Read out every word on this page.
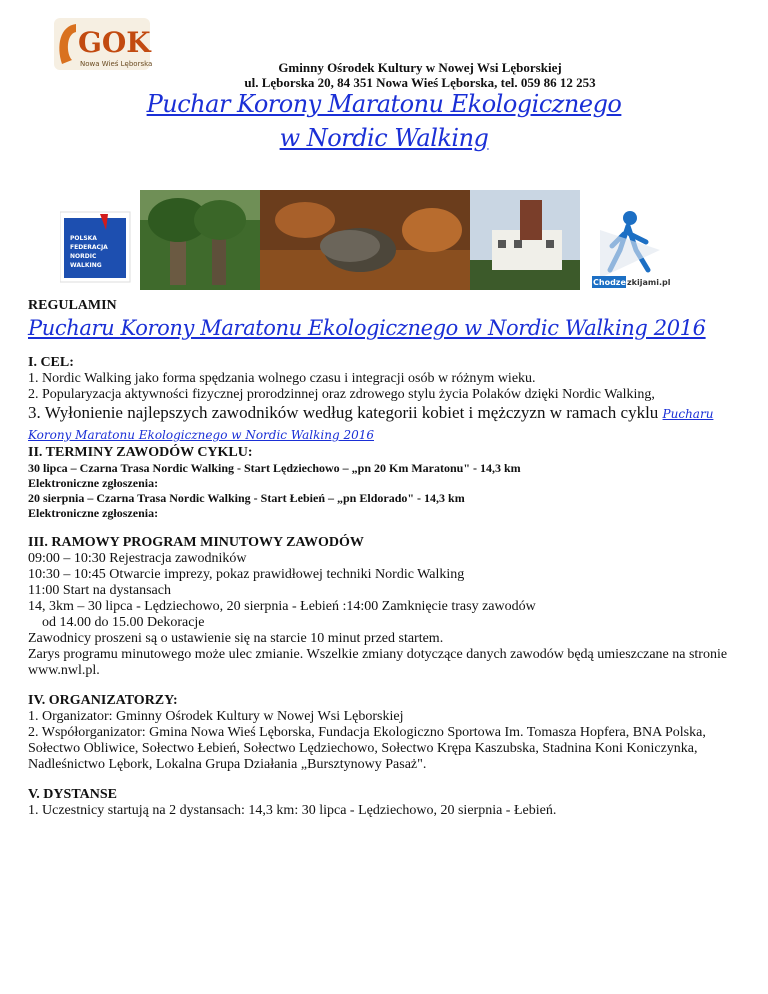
GOK
Nowa Wieś Lęborska	Gminny Ośrodek Kultury w Nowej Wsi Lęborskiej
ul. Lęborska 20, 84 351 Nowa Wieś Lęborska, tel. 059 86 12 253
Puchar Korony Maratonu Ekologicznego
w Nordic Walking
POLSKA
FEDERACJA
NORDIC
WALKING
Chodze zkijami.pl
REGULAMIN
Pucharu Korony Maratonu Ekologicznego w Nordic Walking 2016

I. CEL:

1. Nordic Walking jako forma spędzania wolnego czasu i integracji osób w różnym wieku.

2. Popularyzacja aktywności fizycznej prorodzinnej oraz zdrowego stylu życia Polaków dzięki Nordic Walking,

3. Wyłonienie najlepszych zawodników według kategorii kobiet i mężczyzn w ramach cyklu Pucharu Korony Maratonu Ekologicznego w Nordic Walking 2016

II. TERMINY ZAWODÓW CYKLU:

30 lipca – Czarna Trasa Nordic Walking - Start Lędziechowo – „pn 20 Km Maratonu" - 14,3 km

Elektroniczne zgłoszenia:

20 sierpnia – Czarna Trasa Nordic Walking - Start Łebień – „pn Eldorado" - 14,3 km

Elektroniczne zgłoszenia:

III. RAMOWY PROGRAM MINUTOWY ZAWODÓW

09:00 – 10:30 Rejestracja zawodników

10:30 – 10:45 Otwarcie imprezy, pokaz prawidłowej techniki Nordic Walking

11:00 Start na dystansach

14, 3km – 30 lipca - Lędziechowo, 20 sierpnia - Łebień :14:00 Zamknięcie trasy zawodów

od 14.00 do 15.00 Dekoracje

Zawodnicy proszeni są o ustawienie się na starcie 10 minut przed startem.

Zarys programu minutowego może ulec zmianie. Wszelkie zmiany dotyczące danych zawodów będą umieszczane na stronie www.nwl.pl.

IV. ORGANIZATORZY:

1. Organizator: Gminny Ośrodek Kultury w Nowej Wsi Lęborskiej

2. Współorganizator: Gmina Nowa Wieś Lęborska, Fundacja Ekologiczno Sportowa Im. Tomasza Hopfera, BNA Polska, Sołectwo Obliwice, Sołectwo Łebień, Sołectwo Lędziechowo, Sołectwo Krępa Kaszubska, Stadnina Koni Koniczynka, Nadleśnictwo Lębork, Lokalna Grupa Działania „Bursztynowy Pasaż".

V. DYSTANSE

1. Uczestnicy startują na 2 dystansach: 14,3 km: 30 lipca - Lędziechowo, 20 sierpnia - Łebień.
